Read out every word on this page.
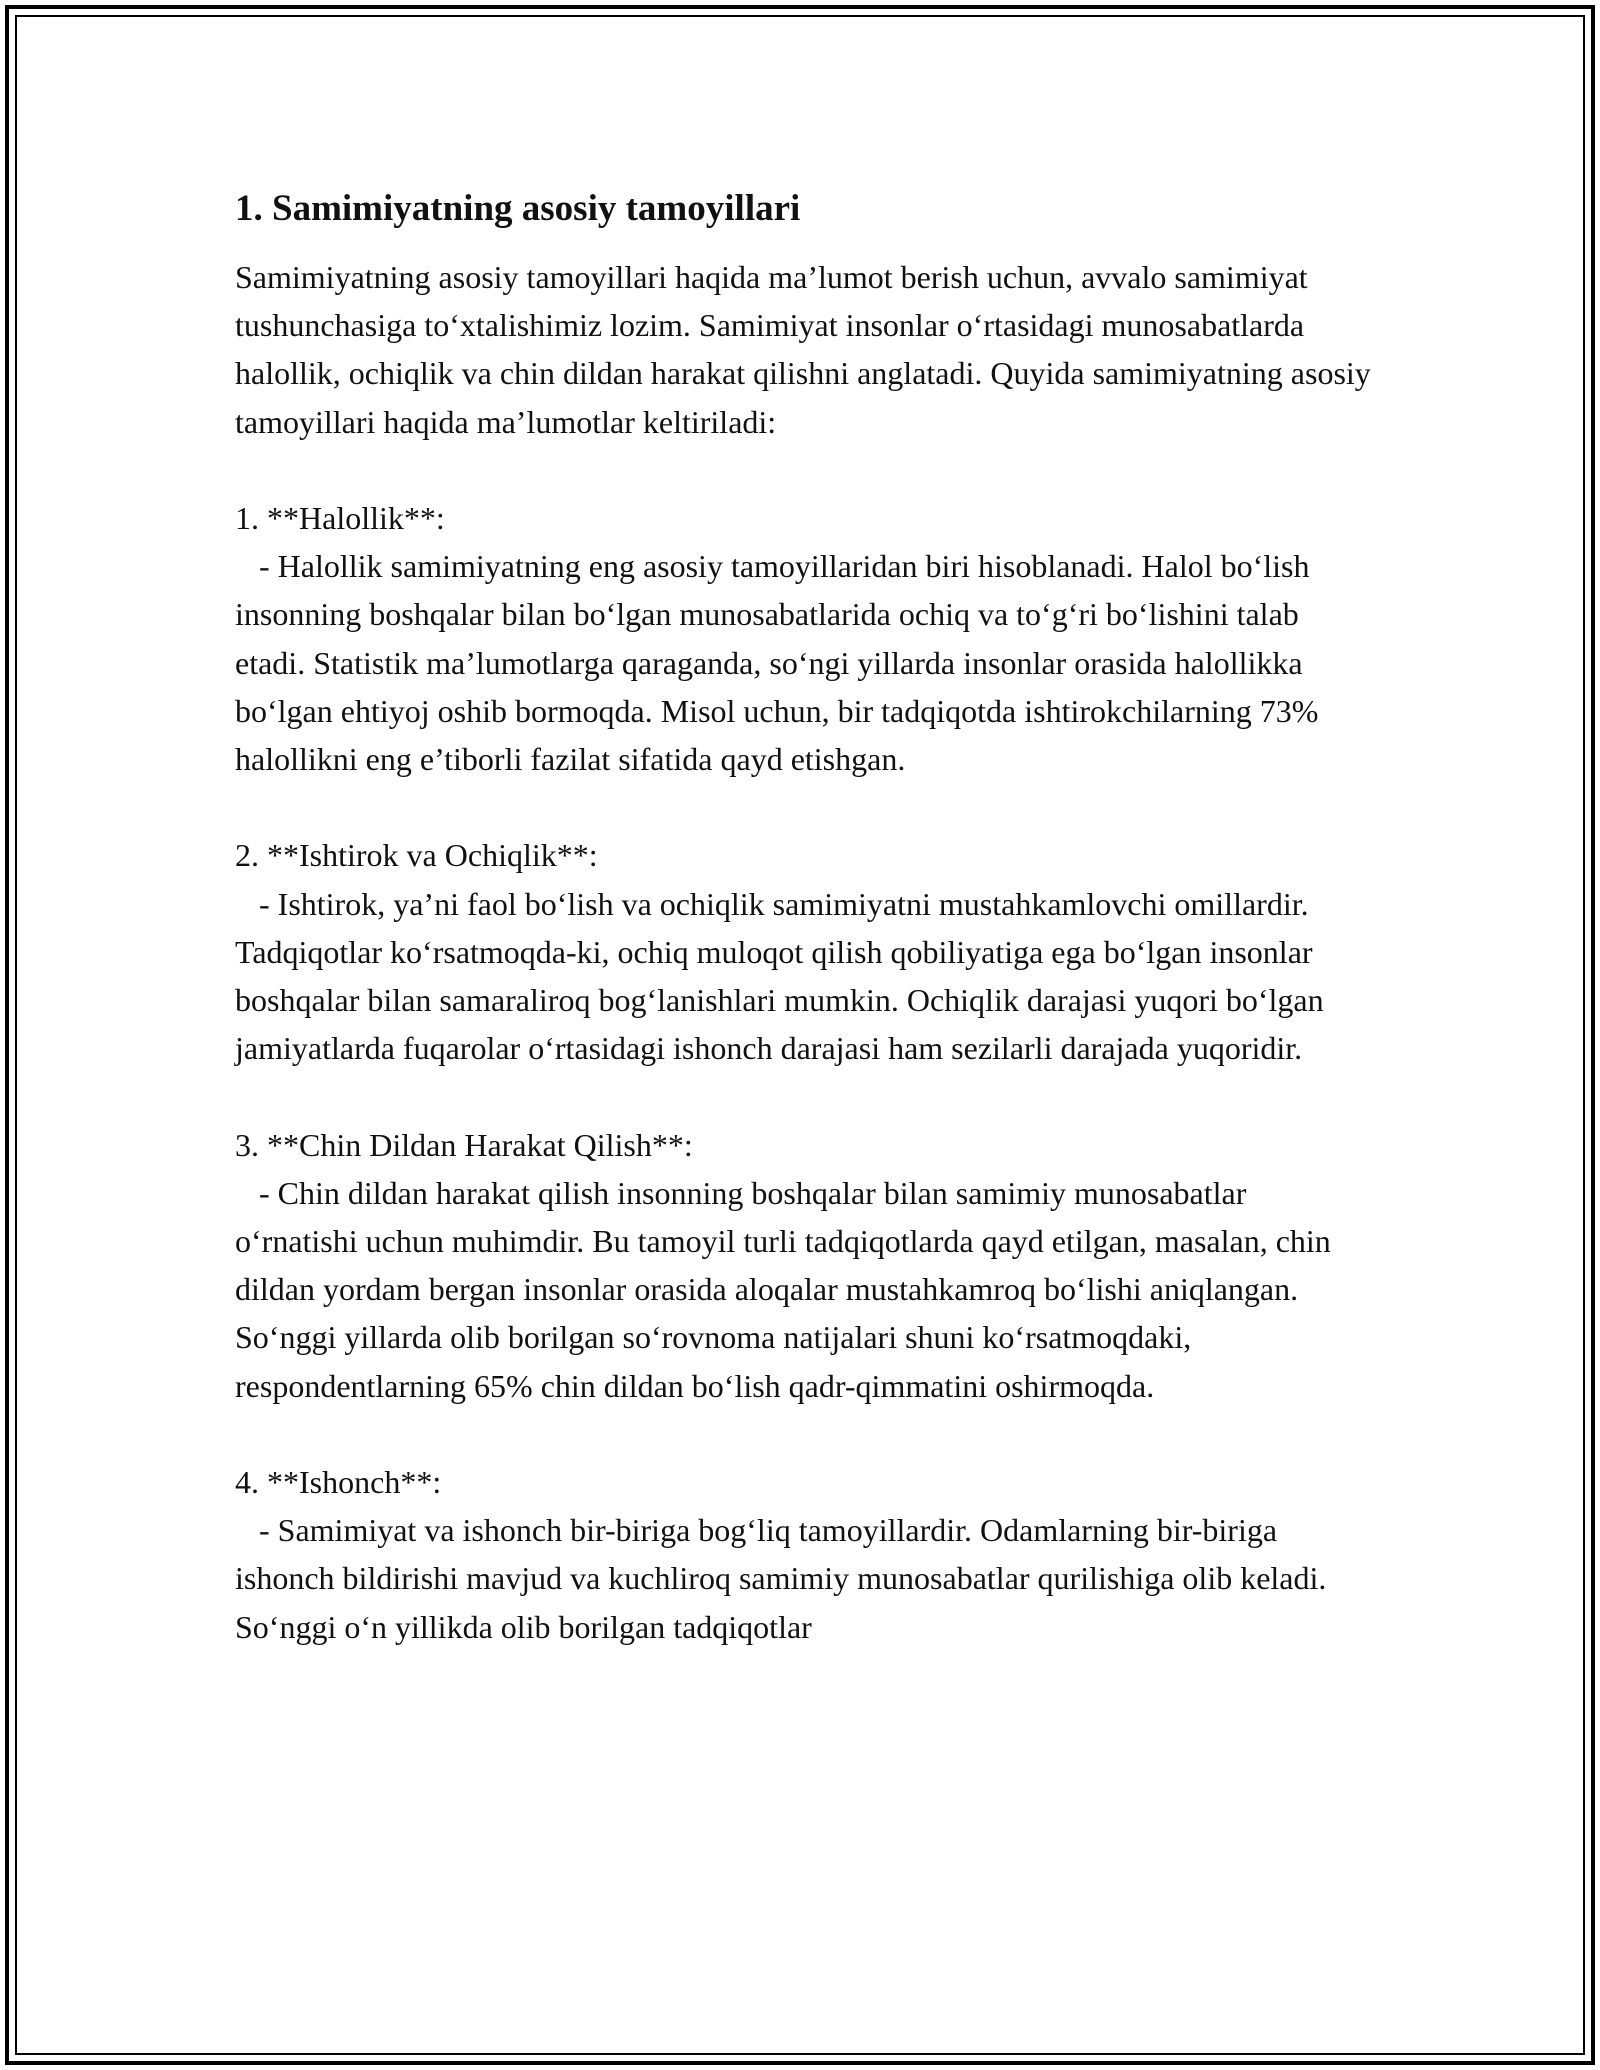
1. Samimiyatning asosiy tamoyillari

Samimiyatning asosiy tamoyillari haqida ma’lumot berish uchun, avvalo samimiyat tushunchasiga to‘xtalishimiz lozim. Samimiyat insonlar o‘rtasidagi munosabatlarda halollik, ochiqlik va chin dildan harakat qilishni anglatadi. Quyida samimiyatning asosiy tamoyillari haqida ma’lumotlar keltiriladi:

1. **Halollik**:

- Halollik samimiyatning eng asosiy tamoyillaridan biri hisoblanadi. Halol bo‘lish insonning boshqalar bilan bo‘lgan munosabatlarida ochiq va to‘g‘ri bo‘lishini talab etadi. Statistik ma’lumotlarga qaraganda, so‘ngi yillarda insonlar orasida halollikka bo‘lgan ehtiyoj oshib bormoqda. Misol uchun, bir tadqiqotda ishtirokchilarning 73% halollikni eng e’tiborli fazilat sifatida qayd etishgan.

2. **Ishtirok va Ochiqlik**:

- Ishtirok, ya’ni faol bo‘lish va ochiqlik samimiyatni mustahkamlovchi omillardir. Tadqiqotlar ko‘rsatmoqda-ki, ochiq muloqot qilish qobiliyatiga ega bo‘lgan insonlar boshqalar bilan samaraliroq bog‘lanishlari mumkin. Ochiqlik darajasi yuqori bo‘lgan jamiyatlarda fuqarolar o‘rtasidagi ishonch darajasi ham sezilarli darajada yuqoridir.

3. **Chin Dildan Harakat Qilish**:

- Chin dildan harakat qilish insonning boshqalar bilan samimiy munosabatlar o‘rnatishi uchun muhimdir. Bu tamoyil turli tadqiqotlarda qayd etilgan, masalan, chin dildan yordam bergan insonlar orasida aloqalar mustahkamroq bo‘lishi aniqlangan. So‘nggi yillarda olib borilgan so‘rovnoma natijalari shuni ko‘rsatmoqdaki, respondentlarning 65% chin dildan bo‘lish qadr-qimmatini oshirmoqda.

4. **Ishonch**:

- Samimiyat va ishonch bir-biriga bog‘liq tamoyillardir. Odamlarning bir-biriga ishonch bildirishi mavjud va kuchliroq samimiy munosabatlar qurilishiga olib keladi. So‘nggi o‘n yillikda olib borilgan tadqiqotlar
